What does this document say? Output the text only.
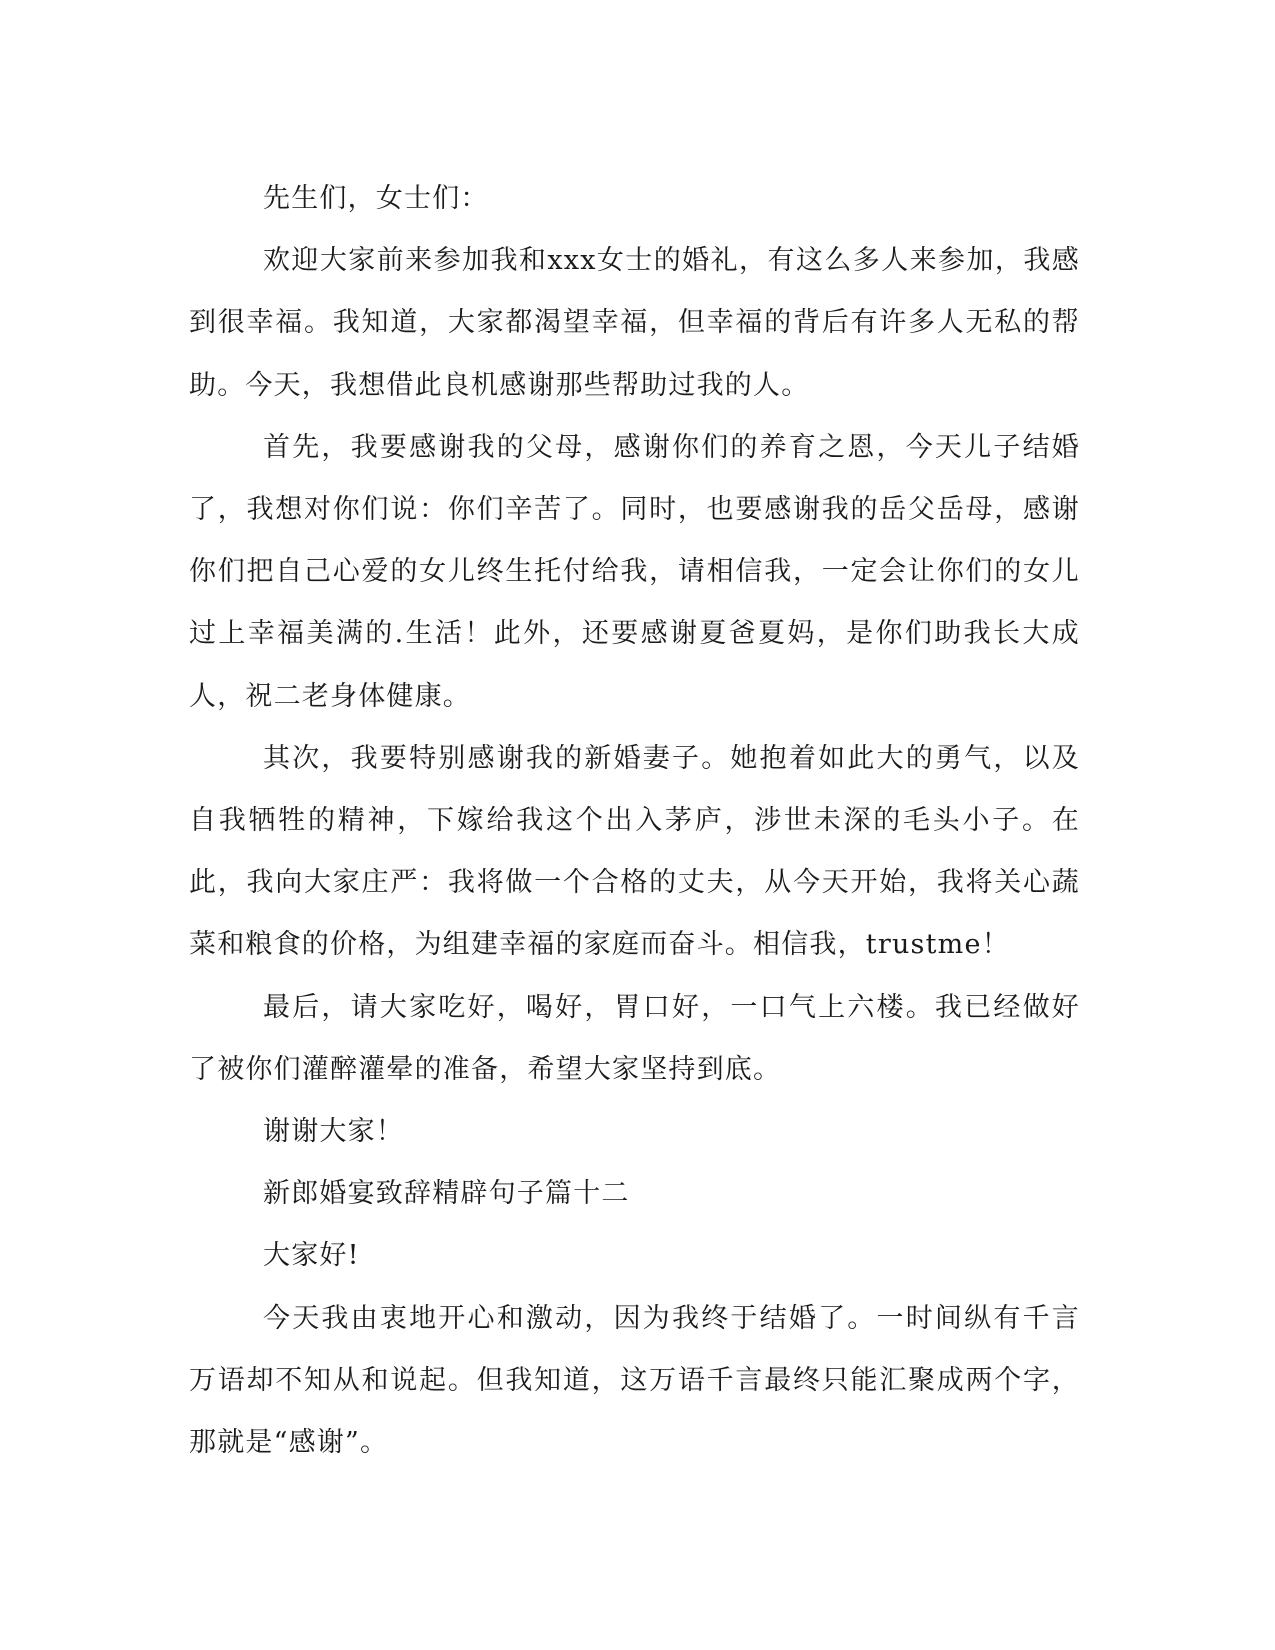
先生们，女士们：

欢迎大家前来参加我和xxx女士的婚礼，有这么多人来参加，我感到很幸福。我知道，大家都渴望幸福，但幸福的背后有许多人无私的帮助。今天，我想借此良机感谢那些帮助过我的人。

首先，我要感谢我的父母，感谢你们的养育之恩，今天儿子结婚了，我想对你们说：你们辛苦了。同时，也要感谢我的岳父岳母，感谢你们把自己心爱的女儿终生托付给我，请相信我，一定会让你们的女儿过上幸福美满的.生活！此外，还要感谢夏爸夏妈，是你们助我长大成人，祝二老身体健康。

其次，我要特别感谢我的新婚妻子。她抱着如此大的勇气，以及自我牺牲的精神，下嫁给我这个出入茅庐，涉世未深的毛头小子。在此，我向大家庄严：我将做一个合格的丈夫，从今天开始，我将关心蔬菜和粮食的价格，为组建幸福的家庭而奋斗。相信我，trustme！

最后，请大家吃好，喝好，胃口好，一口气上六楼。我已经做好了被你们灌醉灌晕的准备，希望大家坚持到底。

谢谢大家！

新郎婚宴致辞精辟句子篇十二

大家好!

今天我由衷地开心和激动，因为我终于结婚了。一时间纵有千言万语却不知从和说起。但我知道，这万语千言最终只能汇聚成两个字，那就是“感谢”。
